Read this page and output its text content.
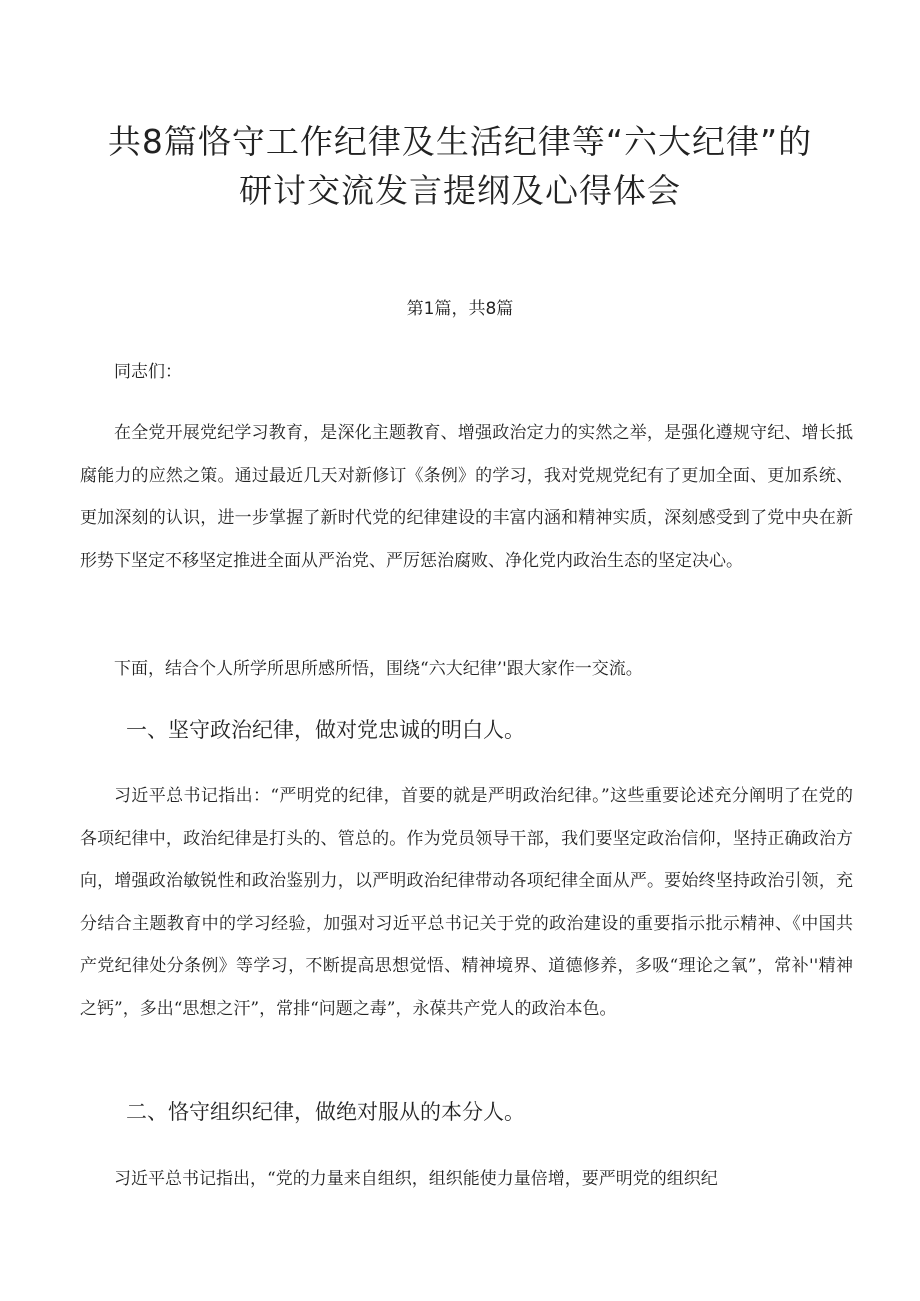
共8篇恪守工作纪律及生活纪律等“六大纪律”的
研讨交流发言提纲及心得体会
第1篇，共8篇

同志们：

在全党开展党纪学习教育，是深化主题教育、增强政治定力的实然之举，是强化遵规守纪、增长抵腐能力的应然之策。通过最近几天对新修订《条例》的学习，我对党规党纪有了更加全面、更加系统、更加深刻的认识，进一步掌握了新时代党的纪律建设的丰富内涵和精神实质，深刻感受到了党中央在新形势下坚定不移坚定推进全面从严治党、严厉惩治腐败、净化党内政治生态的坚定决心。

下面，结合个人所学所思所感所悟，围绕“六大纪律’'跟大家作一交流。

一、坚守政治纪律，做对党忠诚的明白人。

习近平总书记指出：“严明党的纪律，首要的就是严明政治纪律。”这些重要论述充分阐明了在党的各项纪律中，政治纪律是打头的、管总的。作为党员领导干部，我们要坚定政治信仰，坚持正确政治方向，增强政治敏锐性和政治鉴别力，以严明政治纪律带动各项纪律全面从严。要始终坚持政治引领，充分结合主题教育中的学习经验，加强对习近平总书记关于党的政治建设的重要指示批示精神、《中国共产党纪律处分条例》等学习，不断提高思想觉悟、精神境界、道德修养，多吸“理论之氧”，常补''精神之钙”，多出“思想之汗”，常排“问题之毒”，永葆共产党人的政治本色。

二、恪守组织纪律，做绝对服从的本分人。

习近平总书记指出，“党的力量来自组织，组织能使力量倍增，要严明党的组织纪
